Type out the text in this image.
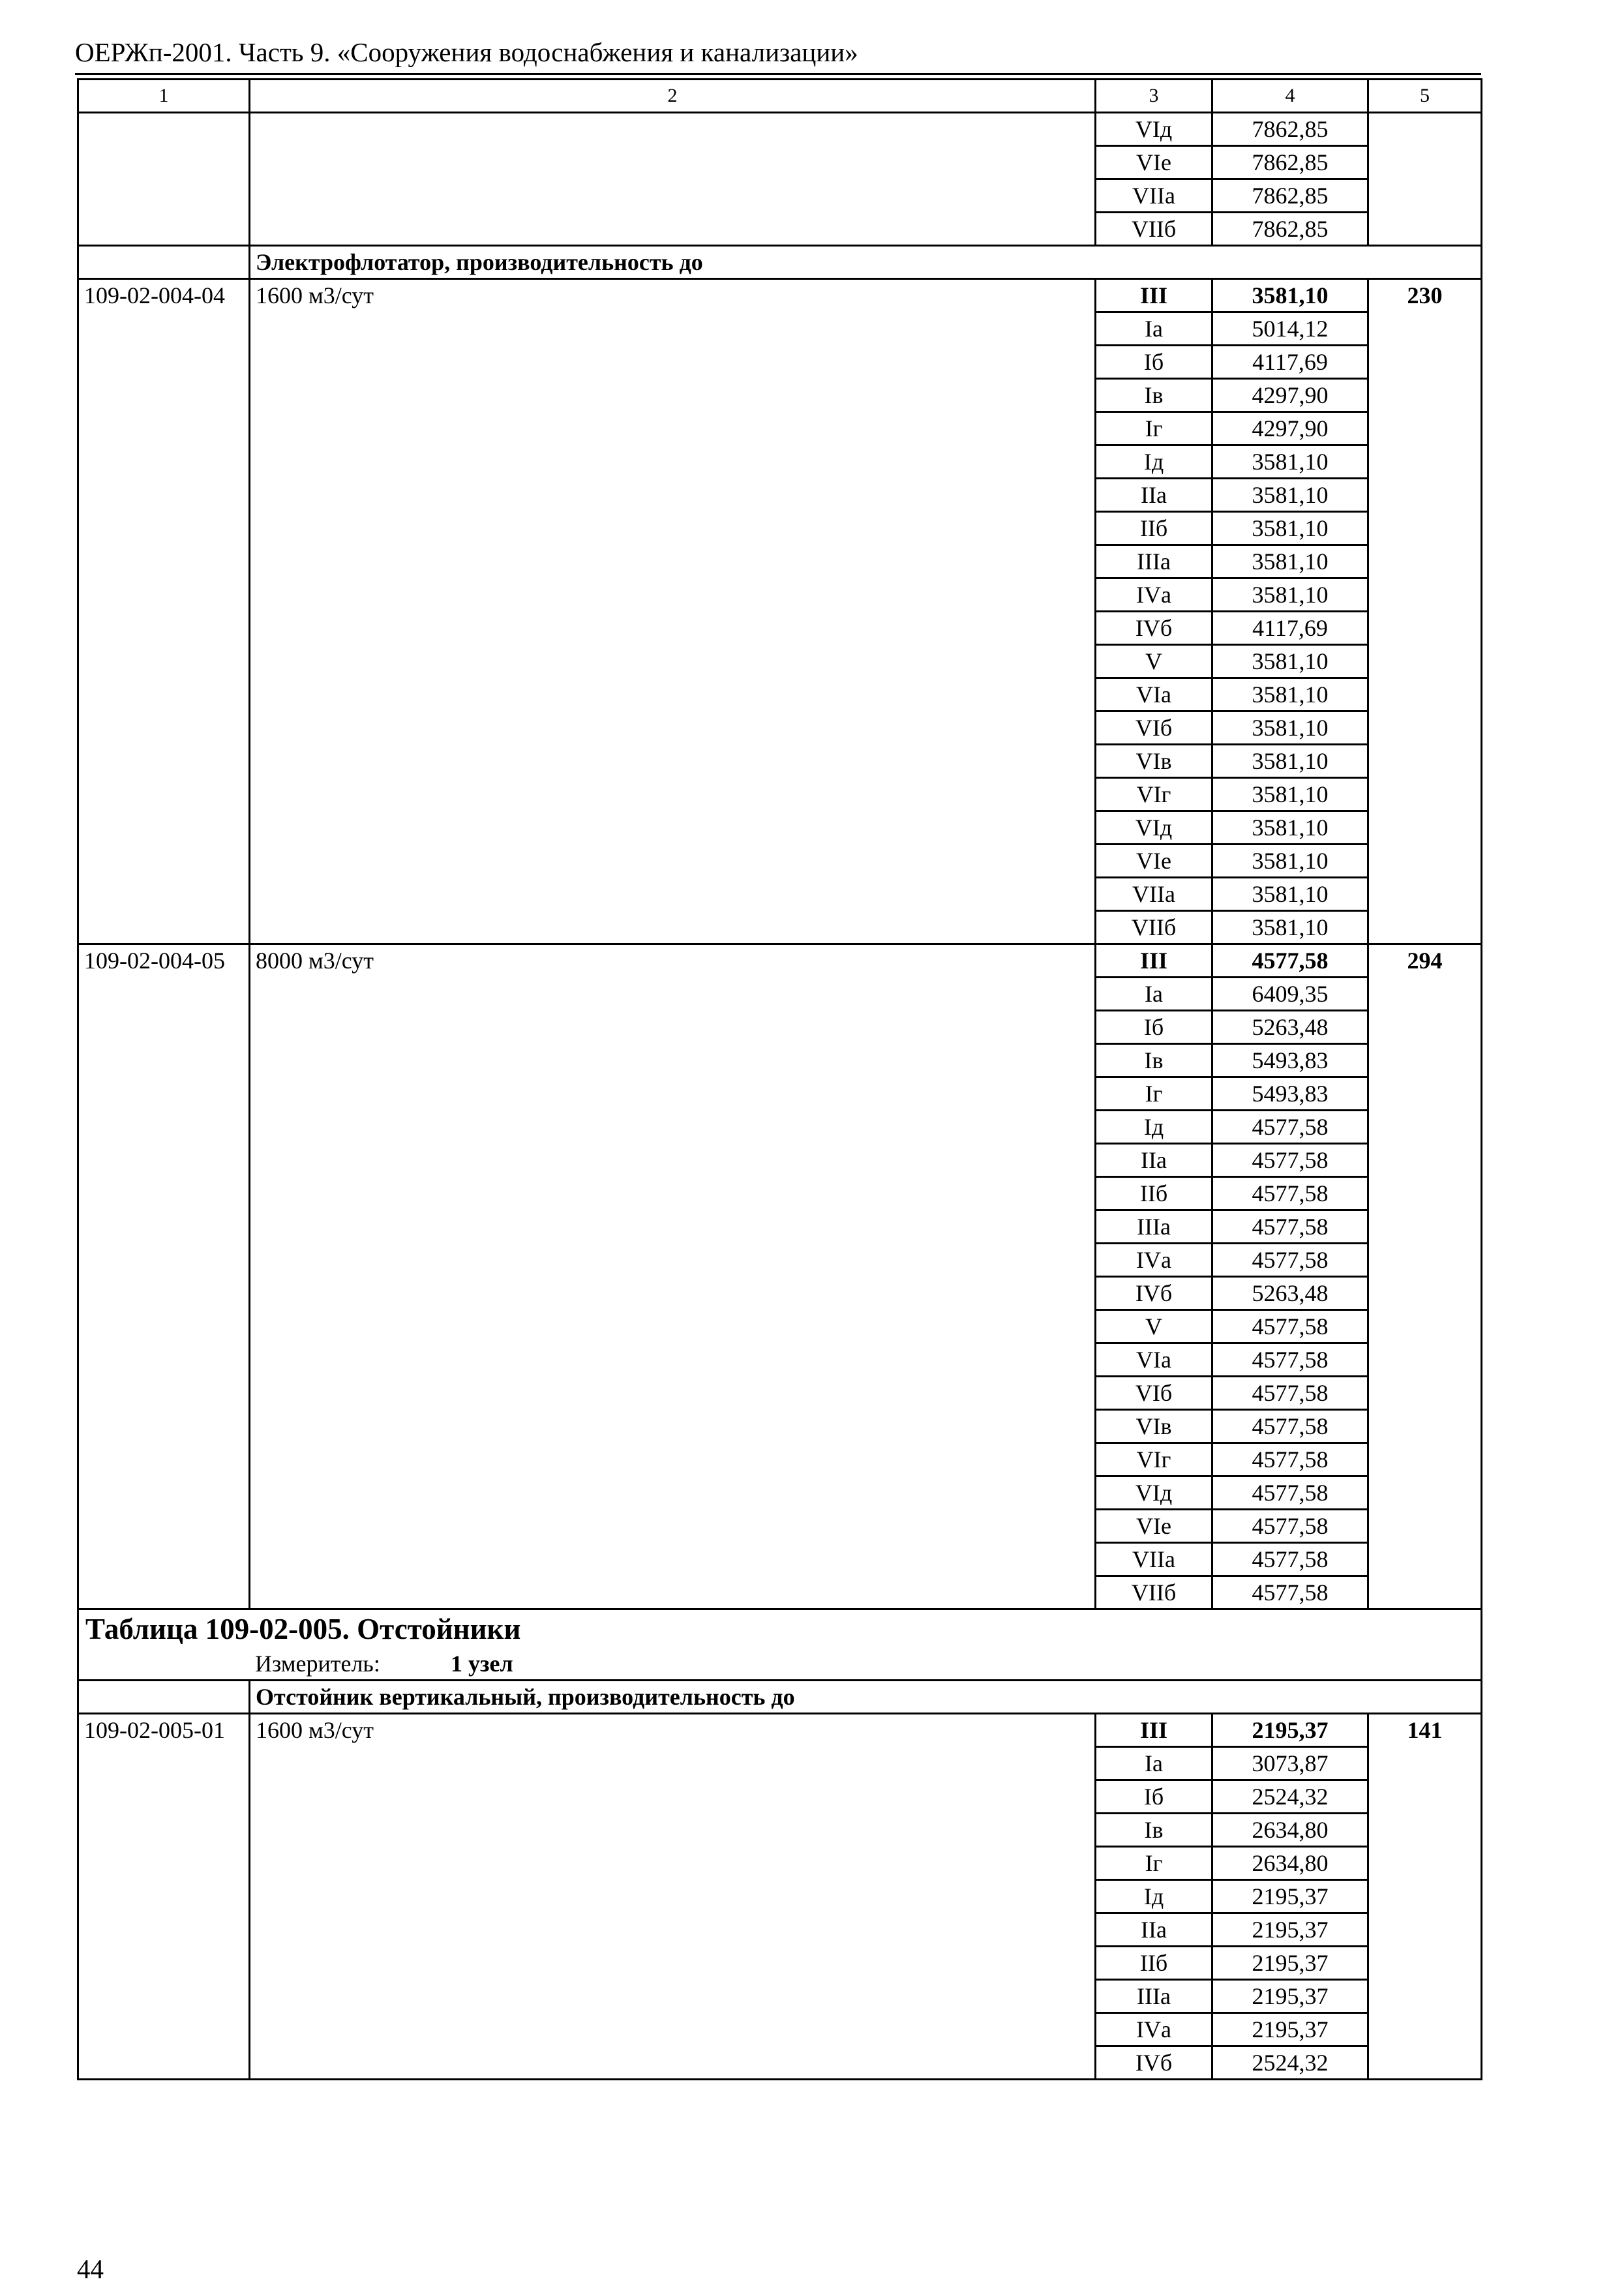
ОЕРЖп-2001. Часть 9. «Сооружения водоснабжения и канализации»
1	2	3	4	5
		VIд	7862,85	
		VIе	7862,85	
		VIIа	7862,85	
		VIIб	7862,85	
	Электрофлотатор, производительность до			
109-02-004-04	1600 м3/сут	III	3581,10	230
		Iа	5014,12	
		Iб	4117,69	
		Iв	4297,90	
		Iг	4297,90	
		Iд	3581,10	
		IIа	3581,10	
		IIб	3581,10	
		IIIа	3581,10	
		IVа	3581,10	
		IVб	4117,69	
		V	3581,10	
		VIа	3581,10	
		VIб	3581,10	
		VIв	3581,10	
		VIг	3581,10	
		VIд	3581,10	
		VIе	3581,10	
		VIIа	3581,10	
		VIIб	3581,10	
109-02-004-05	8000 м3/сут	III	4577,58	294
		Iа	6409,35	
		Iб	5263,48	
		Iв	5493,83	
		Iг	5493,83	
		Iд	4577,58	
		IIа	4577,58	
		IIб	4577,58	
		IIIа	4577,58	
		IVа	4577,58	
		IVб	5263,48	
		V	4577,58	
		VIа	4577,58	
		VIб	4577,58	
		VIв	4577,58	
		VIг	4577,58	
		VIд	4577,58	
		VIе	4577,58	
		VIIа	4577,58	
		VIIб	4577,58	
Таблица 109-02-005. Отстойники				
Измеритель: 1 узел				
	Отстойник вертикальный, производительность до			
109-02-005-01	1600 м3/сут	III	2195,37	141
		Iа	3073,87	
		Iб	2524,32	
		Iв	2634,80	
		Iг	2634,80	
		Iд	2195,37	
		IIа	2195,37	
		IIб	2195,37	
		IIIа	2195,37	
		IVа	2195,37	
		IVб	2524,32	
44
